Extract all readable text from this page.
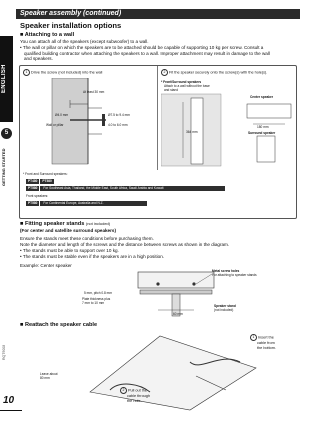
ENGLISH
5
GETTING STARTED
RQT9008
10
Speaker assembly (continued)
Speaker installation options
■ Attaching to a wall
You can attach all of the speakers (except subwoofer) to a wall.
• The wall or pillar on which the speakers are to be attached should be capable of supporting 10 kg per screw. Consult a
qualified building contractor when attaching the speakers to a wall. Improper attachment may result in damage to the wall
and speakers.
1 Drive the screw (not included) into the wall	2 Fit the speaker securely onto the screw(s) with the hole(s).
At least 30 mm
Ø4.0 mm	Ø7.5 to 9.4 mm
Wall or pillar	4.0 to 6.0 mm
* Front/Surround speakers
Attach to a wall without the base
and stand
364 mm
Center speaker
180 mm
Surround speaker
* Front and Surround speakers:
PT480	PT580
PT580	For Southeast Asia, Thailand, the Middle East, South Africa, Saudi Arabia and Kuwait
Front speakers:
PT580	For Continental Europe, Australia and N.Z.
■ Fitting speaker stands (not included)
(For center and satellite surround speakers)
Ensure the stands meet these conditions before purchasing them.
Note the diameter and length of the screws and the distance between screws as shown in the diagram.
• The stands must be able to support over 10 kg.
• The stands must be stable even if the speakers are in a high position.
Example: Center speaker
Metal screw holes
For attaching to speaker stands
5 mm, pitch 0.8 mm
Plate thickness plus
7 mm to 10 mm
60 mm
Speaker stand
(not included)
■ Reattach the speaker cable
1 Insert the
cable from
the bottom.
Leave about
80 mm
2 Pull out the
cable through
the hole.
